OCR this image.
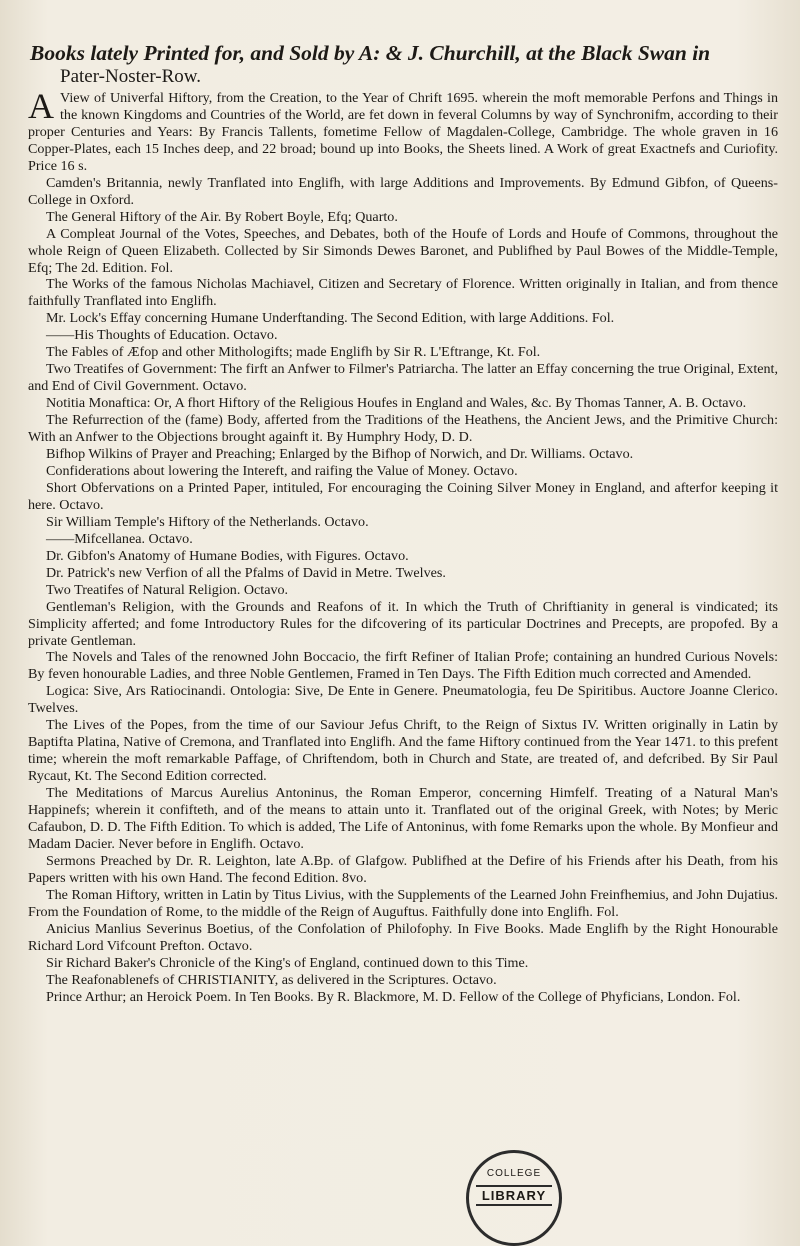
Books lately Printed for, and Sold by A: & J. Churchill, at the Black Swan in
Pater-Noster-Row.

A View of Univerfal Hiftory, from the Creation, to the Year of Chrift 1695. wherein the moft memorable Perfons and Things in the known Kingdoms and Countries of the World, are fet down in feveral Columns by way of Synchronifm, according to their proper Centuries and Years: By Francis Tallents, fometime Fellow of Magdalen-College, Cambridge. The whole graven in 16 Copper-Plates, each 15 Inches deep, and 22 broad; bound up into Books, the Sheets lined. A Work of great Exactnefs and Curiofity. Price 16 s.

Camden's Britannia, newly Tranflated into Englifh, with large Additions and Improvements. By Edmund Gibfon, of Queens-College in Oxford.

The General Hiftory of the Air. By Robert Boyle, Efq; Quarto.

A Compleat Journal of the Votes, Speeches, and Debates, both of the Houfe of Lords and Houfe of Commons, throughout the whole Reign of Queen Elizabeth. Collected by Sir Simonds Dewes Baronet, and Publifhed by Paul Bowes of the Middle-Temple, Efq; The 2d. Edition. Fol.

The Works of the famous Nicholas Machiavel, Citizen and Secretary of Florence. Written originally in Italian, and from thence faithfully Tranflated into Englifh.

Mr. Lock's Effay concerning Humane Underftanding. The Second Edition, with large Additions. Fol.

——His Thoughts of Education. Octavo.

The Fables of Æfop and other Mithologifts; made Englifh by Sir R. L'Eftrange, Kt. Fol.

Two Treatifes of Government: The firft an Anfwer to Filmer's Patriarcha. The latter an Effay concerning the true Original, Extent, and End of Civil Government. Octavo.

Notitia Monaftica: Or, A fhort Hiftory of the Religious Houfes in England and Wales, &c. By Thomas Tanner, A. B. Octavo.

The Refurrection of the (fame) Body, afferted from the Traditions of the Heathens, the Ancient Jews, and the Primitive Church: With an Anfwer to the Objections brought againft it. By Humphry Hody, D. D.

Bifhop Wilkins of Prayer and Preaching; Enlarged by the Bifhop of Norwich, and Dr. Williams. Octavo.

Confiderations about lowering the Intereft, and raifing the Value of Money. Octavo.

Short Obfervations on a Printed Paper, intituled, For encouraging the Coining Silver Money in England, and afterfor keeping it here. Octavo.

Sir William Temple's Hiftory of the Netherlands. Octavo.

——Mifcellanea. Octavo.

Dr. Gibfon's Anatomy of Humane Bodies, with Figures. Octavo.

Dr. Patrick's new Verfion of all the Pfalms of David in Metre. Twelves.

Two Treatifes of Natural Religion. Octavo.

Gentleman's Religion, with the Grounds and Reafons of it. In which the Truth of Chriftianity in general is vindicated; its Simplicity afferted; and fome Introductory Rules for the difcovering of its particular Doctrines and Precepts, are propofed. By a private Gentleman.

The Novels and Tales of the renowned John Boccacio, the firft Refiner of Italian Profe; containing an hundred Curious Novels: By feven honourable Ladies, and three Noble Gentlemen, Framed in Ten Days. The Fifth Edition much corrected and Amended.

Logica: Sive, Ars Ratiocinandi. Ontologia: Sive, De Ente in Genere. Pneumatologia, feu De Spiritibus. Auctore Joanne Clerico. Twelves.

The Lives of the Popes, from the time of our Saviour Jefus Chrift, to the Reign of Sixtus IV. Written originally in Latin by Baptifta Platina, Native of Cremona, and Tranflated into Englifh. And the fame Hiftory continued from the Year 1471. to this prefent time; wherein the moft remarkable Paffage, of Chriftendom, both in Church and State, are treated of, and defcribed. By Sir Paul Rycaut, Kt. The Second Edition corrected.

The Meditations of Marcus Aurelius Antoninus, the Roman Emperor, concerning Himfelf. Treating of a Natural Man's Happinefs; wherein it confifteth, and of the means to attain unto it. Tranflated out of the original Greek, with Notes; by Meric Cafaubon, D. D. The Fifth Edition. To which is added, The Life of Antoninus, with fome Remarks upon the whole. By Monfieur and Madam Dacier. Never before in Englifh. Octavo.

Sermons Preached by Dr. R. Leighton, late A.Bp. of Glafgow. Publifhed at the Defire of his Friends after his Death, from his Papers written with his own Hand. The fecond Edition. 8vo.

The Roman Hiftory, written in Latin by Titus Livius, with the Supplements of the Learned John Freinfhemius, and John Dujatius. From the Foundation of Rome, to the middle of the Reign of Auguftus. Faithfully done into Englifh. Fol.

Anicius Manlius Severinus Boetius, of the Confolation of Philofophy. In Five Books. Made Englifh by the Right Honourable Richard Lord Vifcount Prefton. Octavo.

Sir Richard Baker's Chronicle of the King's of England, continued down to this Time.

The Reafonablenefs of CHRISTIANITY, as delivered in the Scriptures. Octavo.

Prince Arthur; an Heroick Poem. In Ten Books. By R. Blackmore, M. D. Fellow of the College of Phyficians, London. Fol.

COLLEGE
LIBRARY
